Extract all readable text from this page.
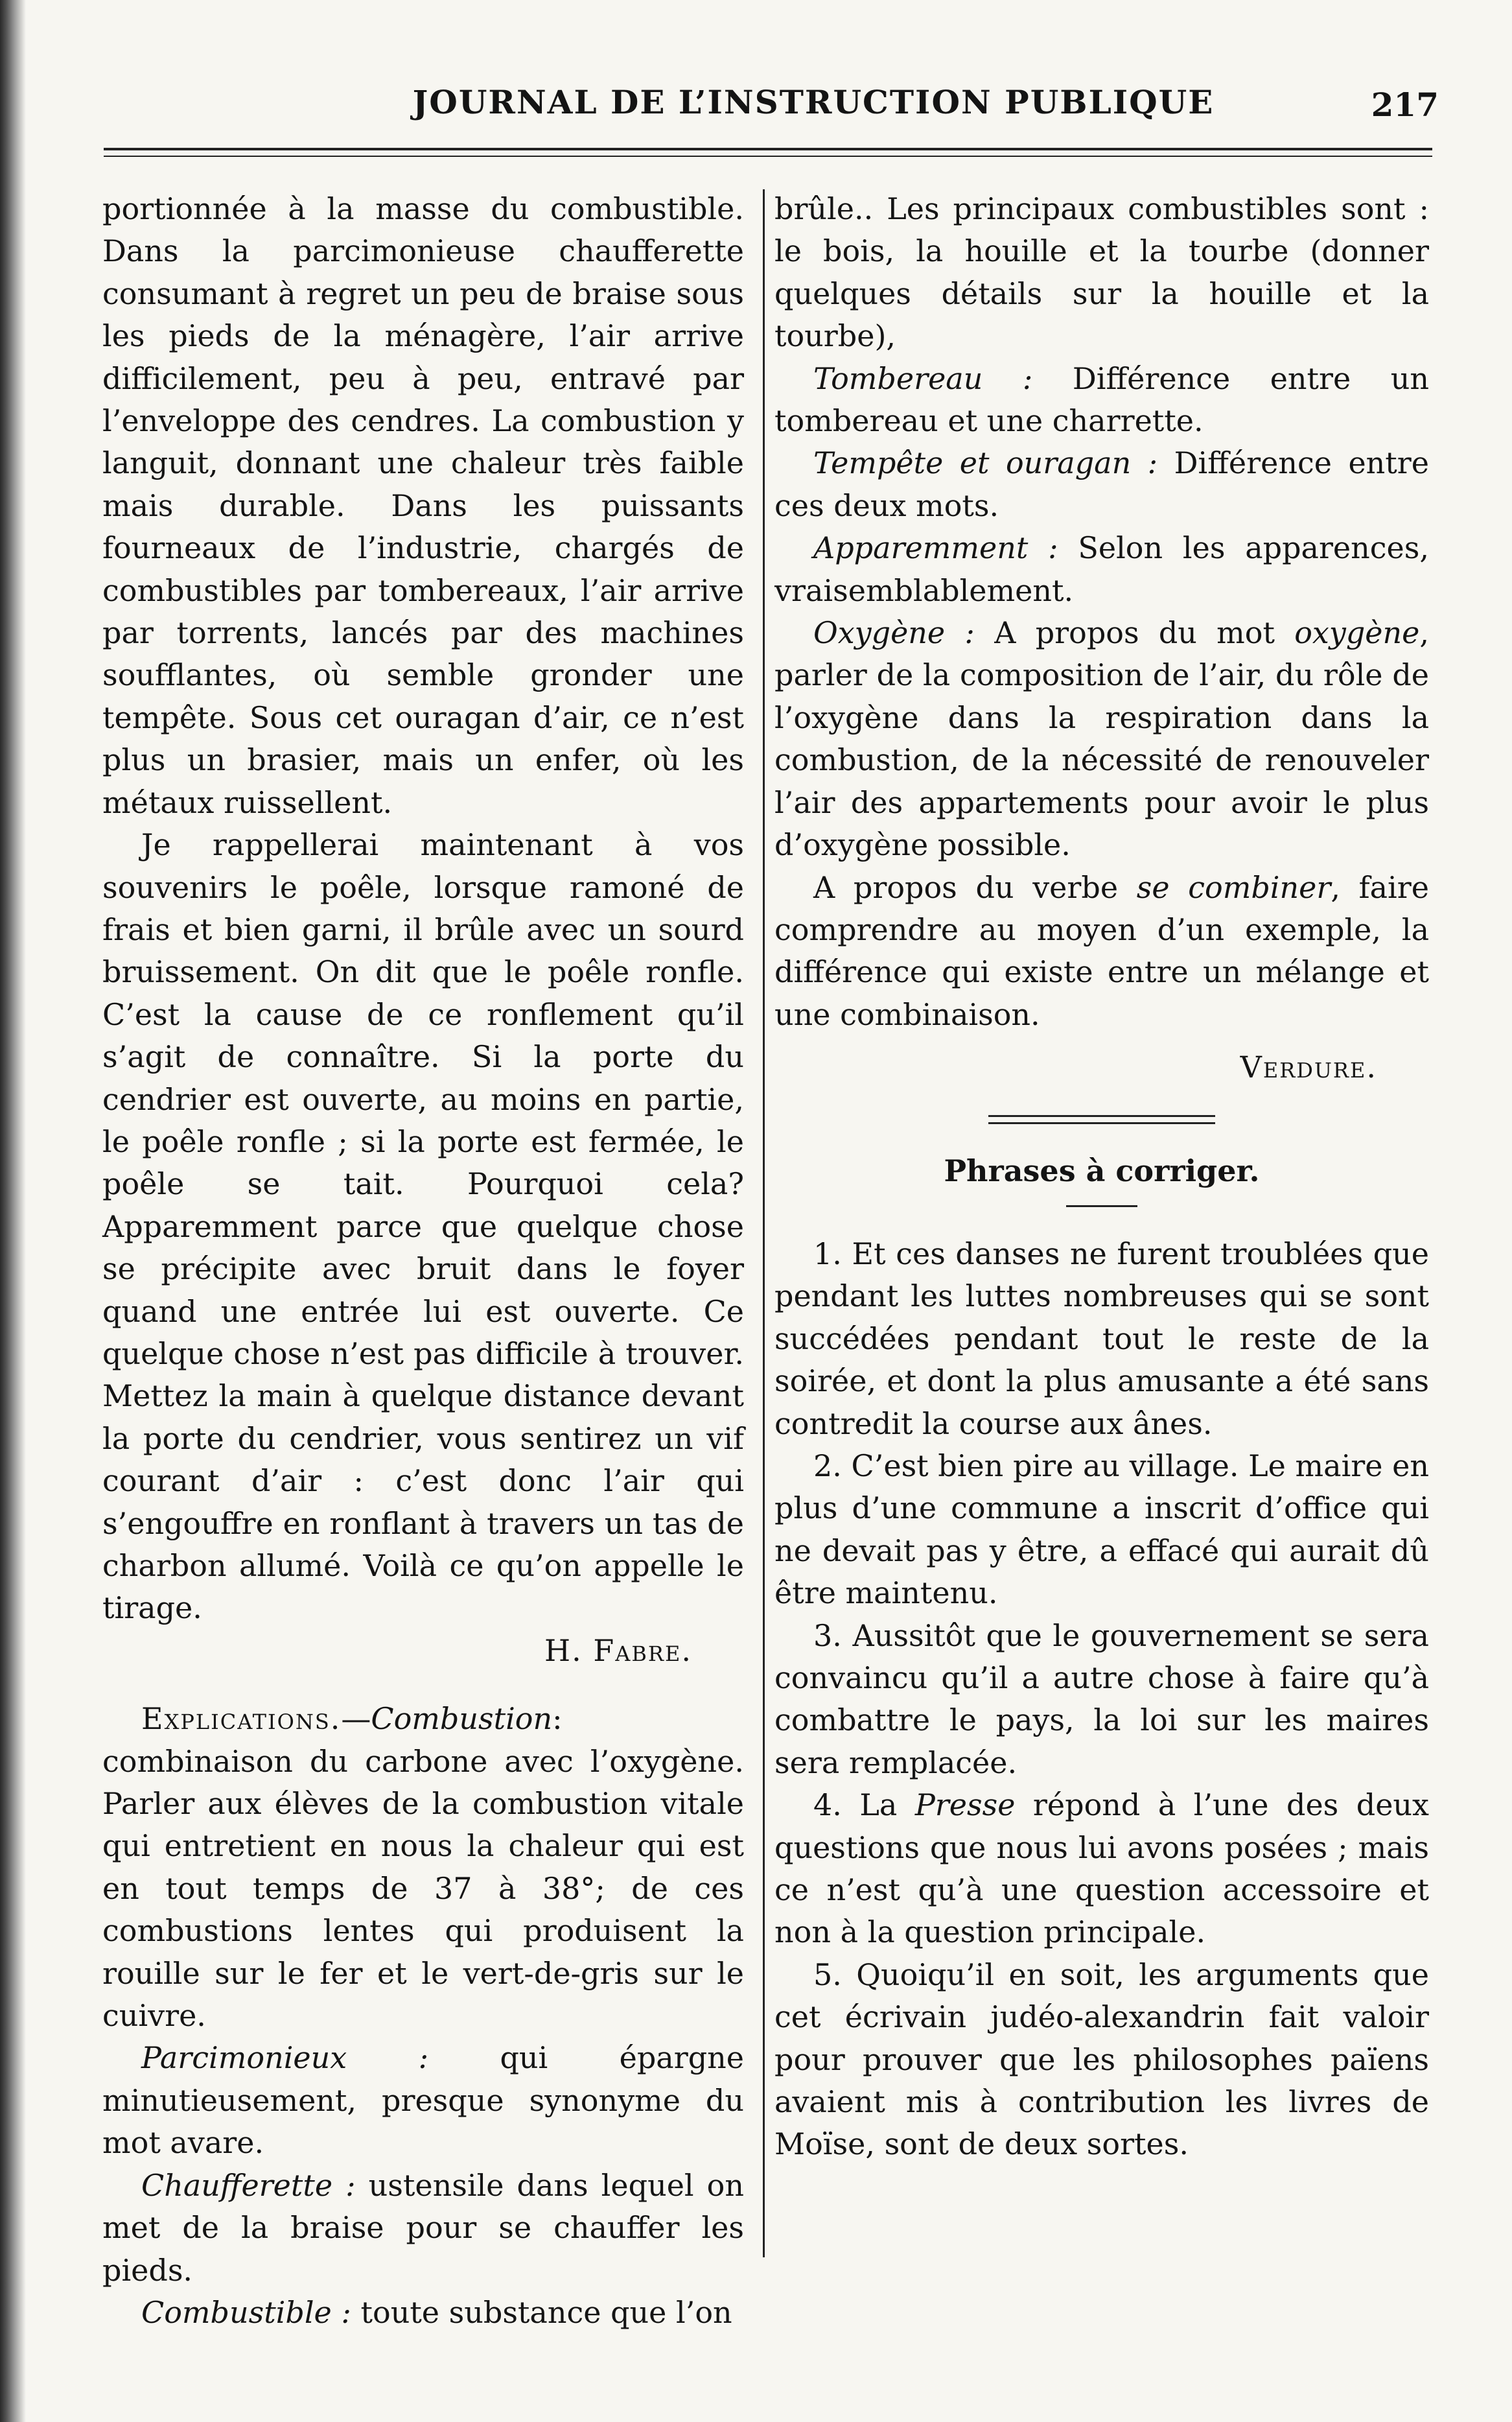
JOURNAL DE L’INSTRUCTION PUBLIQUE	217

portionnée à la masse du combustible. Dans la parcimonieuse chaufferette consumant à regret un peu de braise sous les pieds de la ménagère, l’air arrive difficilement, peu à peu, entravé par l’enveloppe des cendres. La combustion y languit, donnant une chaleur très faible mais durable. Dans les puissants fourneaux de l’industrie, chargés de combustibles par tombereaux, l’air arrive par torrents, lancés par des machines soufflantes, où semble gronder une tempête. Sous cet ouragan d’air, ce n’est plus un brasier, mais un enfer, où les métaux ruissellent.

Je rappellerai maintenant à vos souvenirs le poêle, lorsque ramoné de frais et bien garni, il brûle avec un sourd bruissement. On dit que le poêle ronfle. C’est la cause de ce ronflement qu’il s’agit de connaître. Si la porte du cendrier est ouverte, au moins en partie, le poêle ronfle ; si la porte est fermée, le poêle se tait. Pourquoi cela? Apparemment parce que quelque chose se précipite avec bruit dans le foyer quand une entrée lui est ouverte. Ce quelque chose n’est pas difficile à trouver. Mettez la main à quelque distance devant la porte du cendrier, vous sentirez un vif courant d’air : c’est donc l’air qui s’engouffre en ronflant à travers un tas de charbon allumé. Voilà ce qu’on appelle le tirage.

H. Fabre.

Explications.—Combustion: combinaison du carbone avec l’oxygène. Parler aux élèves de la combustion vitale qui entretient en nous la chaleur qui est en tout temps de 37 à 38°; de ces combustions lentes qui produisent la rouille sur le fer et le vert-de-gris sur le cuivre.

Parcimonieux : qui épargne minutieusement, presque synonyme du mot avare.

Chaufferette : ustensile dans lequel on met de la braise pour se chauffer les pieds.

Combustible : toute substance que l’on

brûle.. Les principaux combustibles sont : le bois, la houille et la tourbe (donner quelques détails sur la houille et la tourbe),

Tombereau : Différence entre un tombereau et une charrette.

Tempête et ouragan : Différence entre ces deux mots.

Apparemment : Selon les apparences, vraisemblablement.

Oxygène : A propos du mot oxygène, parler de la composition de l’air, du rôle de l’oxygène dans la respiration dans la combustion, de la nécessité de renouveler l’air des appartements pour avoir le plus d’oxygène possible.

A propos du verbe se combiner, faire comprendre au moyen d’un exemple, la différence qui existe entre un mélange et une combinaison.

Verdure.

Phrases à corriger.

1. Et ces danses ne furent troublées que pendant les luttes nombreuses qui se sont succédées pendant tout le reste de la soirée, et dont la plus amusante a été sans contredit la course aux ânes.

2. C’est bien pire au village. Le maire en plus d’une commune a inscrit d’office qui ne devait pas y être, a effacé qui aurait dû être maintenu.

3. Aussitôt que le gouvernement se sera convaincu qu’il a autre chose à faire qu’à combattre le pays, la loi sur les maires sera remplacée.

4. La Presse répond à l’une des deux questions que nous lui avons posées ; mais ce n’est qu’à une question accessoire et non à la question principale.

5. Quoiqu’il en soit, les arguments que cet écrivain judéo-alexandrin fait valoir pour prouver que les philosophes païens avaient mis à contribution les livres de Moïse, sont de deux sortes.
